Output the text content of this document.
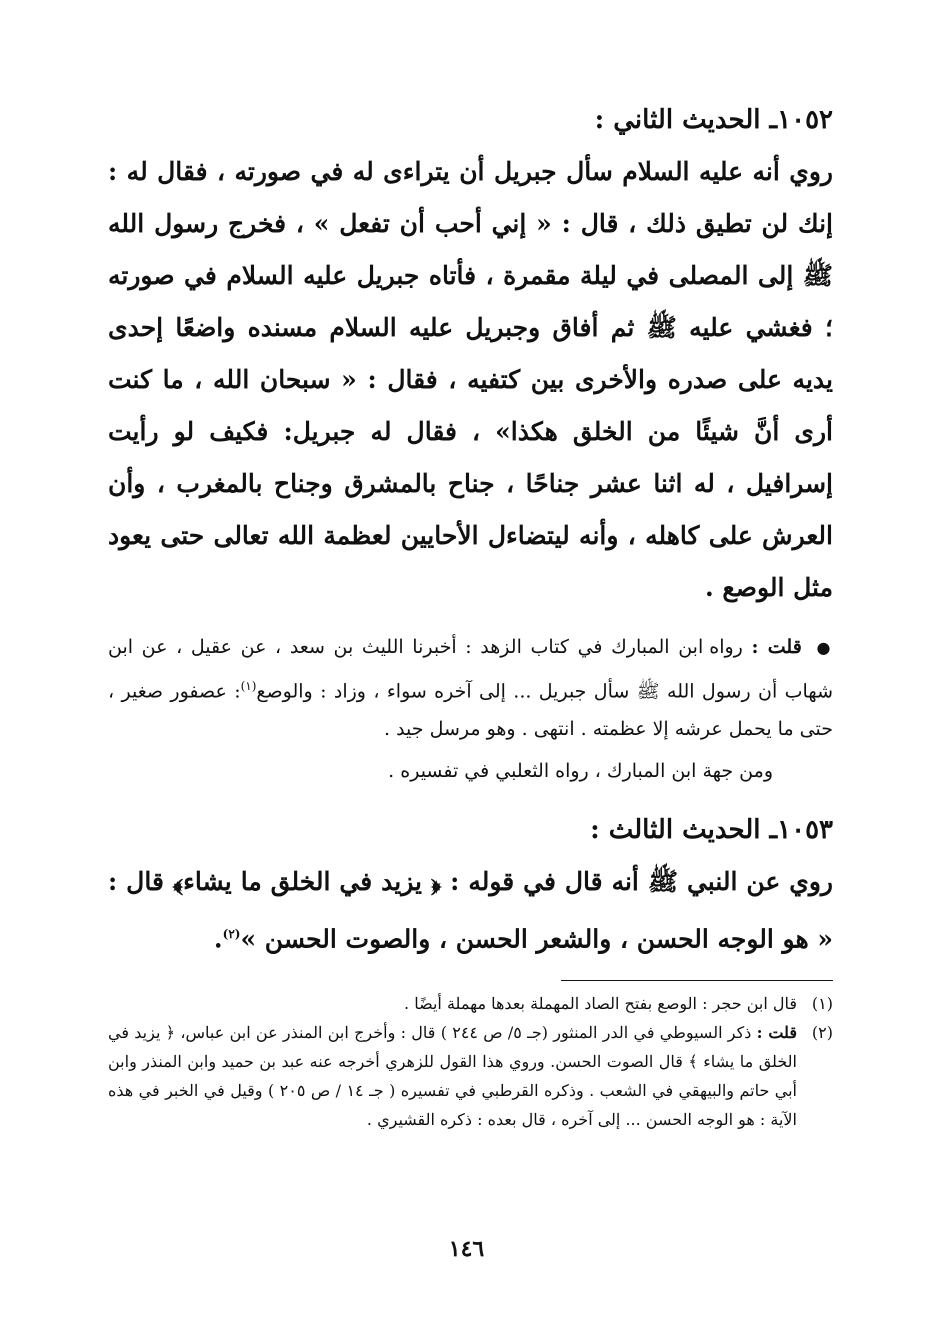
١٠٥٢ـ الحديث الثاني :

روي أنه عليه السلام سأل جبريل أن يتراءى له في صورته ، فقال له : إنك لن تطيق ذلك ، قال : « إني أحب أن تفعل » ، فخرج رسول الله ﷺ إلى المصلى في ليلة مقمرة ، فأتاه جبريل عليه السلام في صورته ؛ فغشي عليه ﷺ ثم أفاق وجبريل عليه السلام مسنده واضعًا إحدى يديه على صدره والأخرى بين كتفيه ، فقال : « سبحان الله ، ما كنت أرى أنَّ شيئًا من الخلق هكذا» ، فقال له جبريل: فكيف لو رأيت إسرافيل ، له اثنا عشر جناحًا ، جناح بالمشرق وجناح بالمغرب ، وأن العرش على كاهله ، وأنه ليتضاءل الأحايين لعظمة الله تعالى حتى يعود مثل الوصع .

● قلت : رواه ابن المبارك في كتاب الزهد : أخبرنا الليث بن سعد ، عن عقيل ، عن ابن شهاب أن رسول الله ﷺ سأل جبريل ... إلى آخره سواء ، وزاد : والوصع$^{(١)}$: عصفور صغير ، حتى ما يحمل عرشه إلا عظمته . انتهى . وهو مرسل جيد .

ومن جهة ابن المبارك ، رواه الثعلبي في تفسيره .

١٠٥٣ـ الحديث الثالث :

روي عن النبي ﷺ أنه قال في قوله : ﴿ يزيد في الخلق ما يشاء﴾ قال : « هو الوجه الحسن ، والشعر الحسن ، والصوت الحسن »$^{(٢)}$.

(١)
قال ابن حجر : الوصع بفتح الصاد المهملة بعدها مهملة أيضًا .
(٢)
قلت : ذكر السيوطي في الدر المنثور (جـ ٥/ ص ٢٤٤ ) قال : وأخرج ابن المنذر عن ابن عباس، ﴿ يزيد في الخلق ما يشاء ﴾ قال الصوت الحسن. وروي هذا القول للزهري أخرجه عنه عبد بن حميد وابن المنذر وابن أبي حاتم والبيهقي في الشعب . وذكره القرطبي في تفسيره ( جـ ١٤ / ص ٢٠٥ ) وقيل في الخبر في هذه الآية : هو الوجه الحسن ... إلى آخره ، قال بعده : ذكره القشيري .
١٤٦
